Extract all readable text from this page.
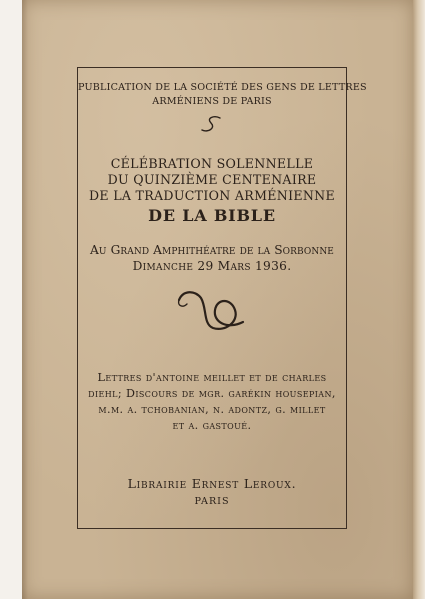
PUBLICATION DE LA SOCIÉTÉ DES GENS DE LETTRES
ARMÉNIENS DE PARIS
CÉLÉBRATION SOLENNELLE
DU QUINZIÈME CENTENAIRE
DE LA TRADUCTION ARMÉNIENNE
DE LA BIBLE
Au Grand Amphithéatre de la Sorbonne
Dimanche 29 Mars 1936.
Lettres d'antoine meillet et de charles
diehl; Discours de mgr. garékin housepian,
m.m. a. tchobanian, n. adontz, g. millet
et a. gastoué.
Librairie Ernest Leroux.
PARIS
